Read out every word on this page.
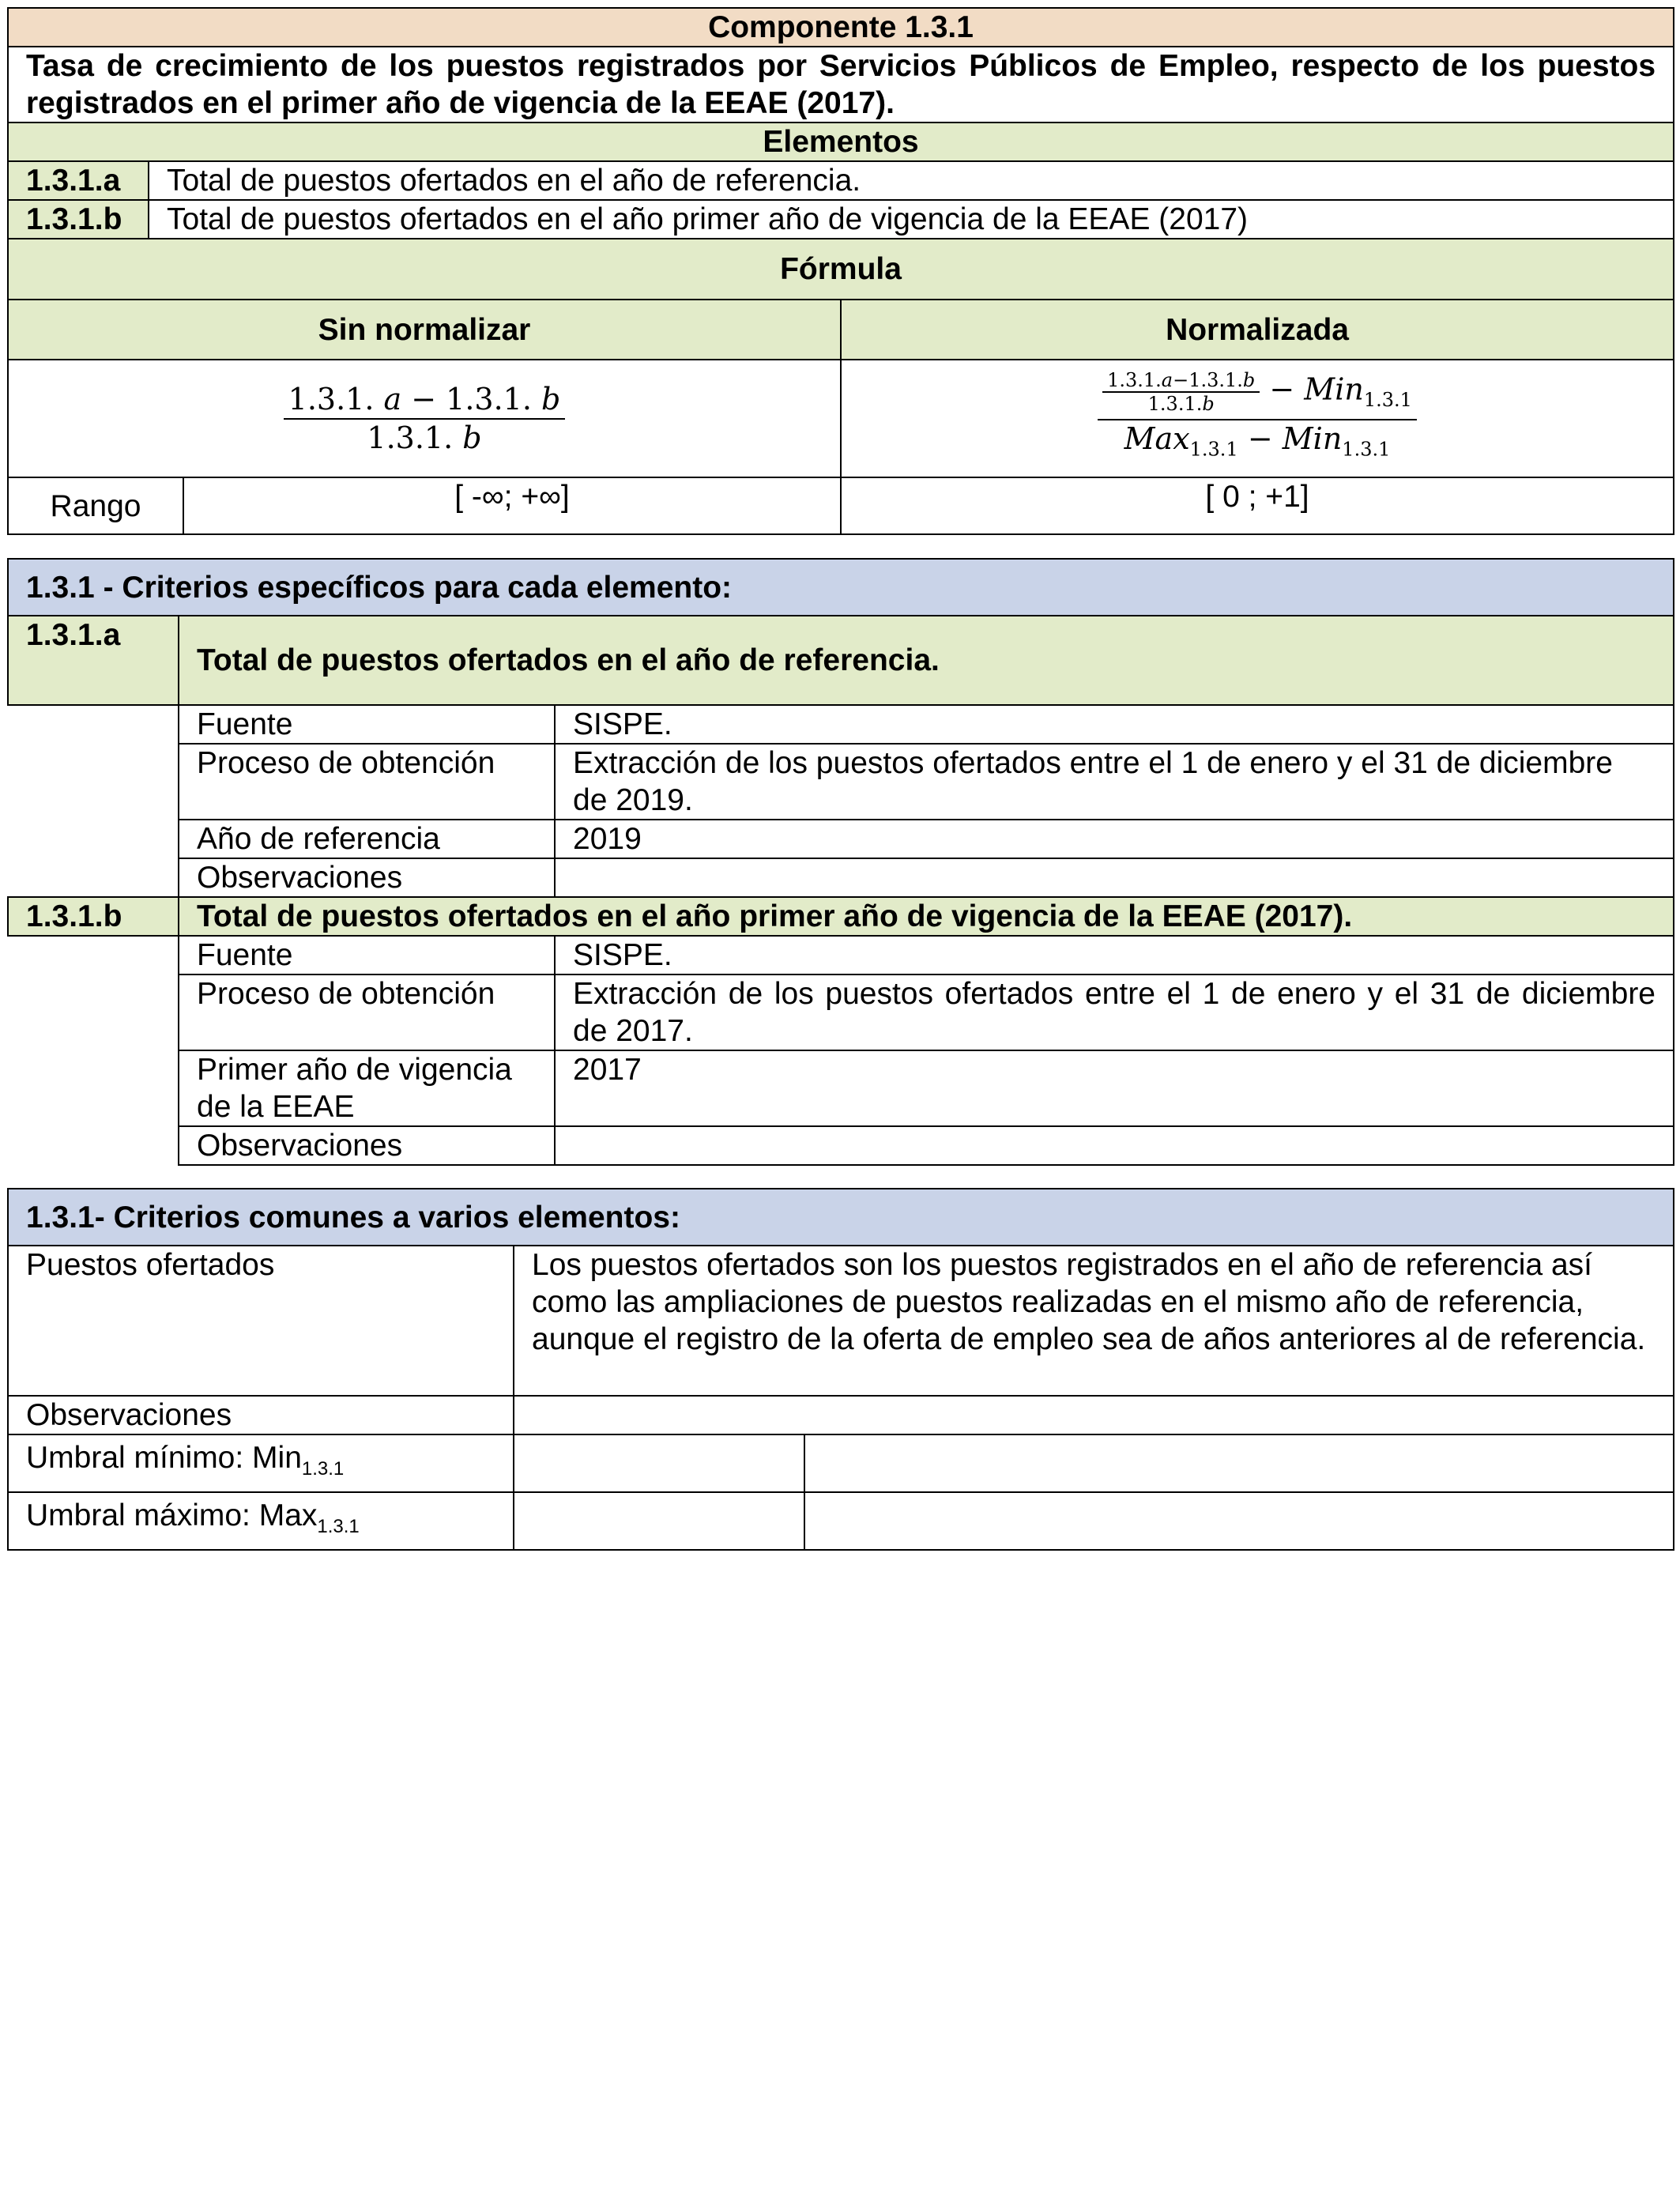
Componente 1.3.1			
Tasa de crecimiento de los puestos registrados por Servicios Públicos de Empleo, respecto de los puestos registrados en el primer año de vigencia de la EEAE (2017).			
Elementos			
1.3.1.a	Total de puestos ofertados en el año de referencia.		
1.3.1.b	Total de puestos ofertados en el año primer año de vigencia de la EEAE (2017)		
Fórmula			
Sin normalizar			Normalizada

$\frac{\text{1.3.1. 𝑎 − 1.3.1. 𝑏}}{\text{1.3.1. 𝑏}}$			$\frac{\text{1.3.1.𝑎−1.3.1.𝑏}}{\text{1.3.1.𝑏}}$ − 𝑀𝑖𝑛$_{1.3.1}$
𝑀𝑎𝑥$_{1.3.1}$ − 𝑀𝑖𝑛$_{1.3.1}$

Rango		[ -∞; +∞]	[ 0 ; +1]
1.3.1 - Criterios específicos para cada elemento:		
1.3.1.a	Total de puestos ofertados en el año de referencia.	
	Fuente	SISPE.
	Proceso de obtención	Extracción de los puestos ofertados entre el 1 de enero y el 31 de diciembre de 2019.
	Año de referencia	2019
	Observaciones	
1.3.1.b	Total de puestos ofertados en el año primer año de vigencia de la EEAE (2017).	
	Fuente	SISPE.
	Proceso de obtención	Extracción de los puestos ofertados entre el 1 de enero y el 31 de diciembre de 2017.
	Primer año de vigencia de la EEAE	2017
	Observaciones	
1.3.1- Criterios comunes a varios elementos:		
Puestos ofertados	Los puestos ofertados son los puestos registrados en el año de referencia así como las ampliaciones de puestos realizadas en el mismo año de referencia, aunque el registro de la oferta de empleo sea de años anteriores al de referencia.	
Observaciones		
Umbral mínimo: Min$_{1.3.1}$		
Umbral máximo: Max$_{1.3.1}$		
